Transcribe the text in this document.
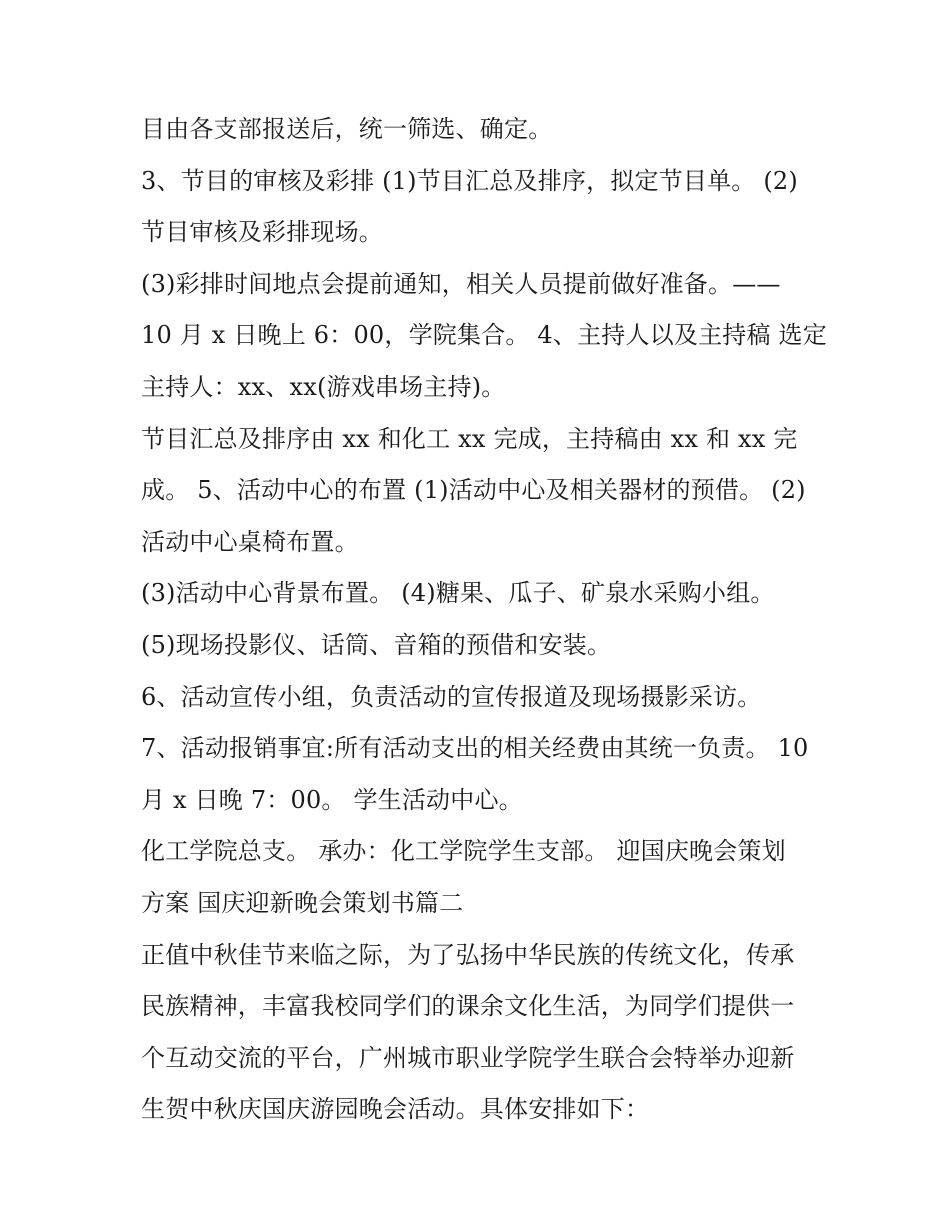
目由各支部报送后，统一筛选、确定。
3、节目的审核及彩排 (1)节目汇总及排序，拟定节目单。 (2)
节目审核及彩排现场。
(3)彩排时间地点会提前通知，相关人员提前做好准备。——
10 月 x 日晚上 6：00，学院集合。 4、主持人以及主持稿 选定
主持人：xx、xx(游戏串场主持)。
节目汇总及排序由 xx 和化工 xx 完成，主持稿由 xx 和 xx 完
成。 5、活动中心的布置 (1)活动中心及相关器材的预借。 (2)
活动中心桌椅布置。
(3)活动中心背景布置。 (4)糖果、瓜子、矿泉水采购小组。
(5)现场投影仪、话筒、音箱的预借和安装。
6、活动宣传小组，负责活动的宣传报道及现场摄影采访。
7、活动报销事宜:所有活动支出的相关经费由其统一负责。 10
月 x 日晚 7：00。 学生活动中心。
化工学院总支。 承办：化工学院学生支部。 迎国庆晚会策划
方案 国庆迎新晚会策划书篇二
正值中秋佳节来临之际，为了弘扬中华民族的传统文化，传承
民族精神，丰富我校同学们的课余文化生活，为同学们提供一
个互动交流的平台，广州城市职业学院学生联合会特举办迎新
生贺中秋庆国庆游园晚会活动。具体安排如下：
